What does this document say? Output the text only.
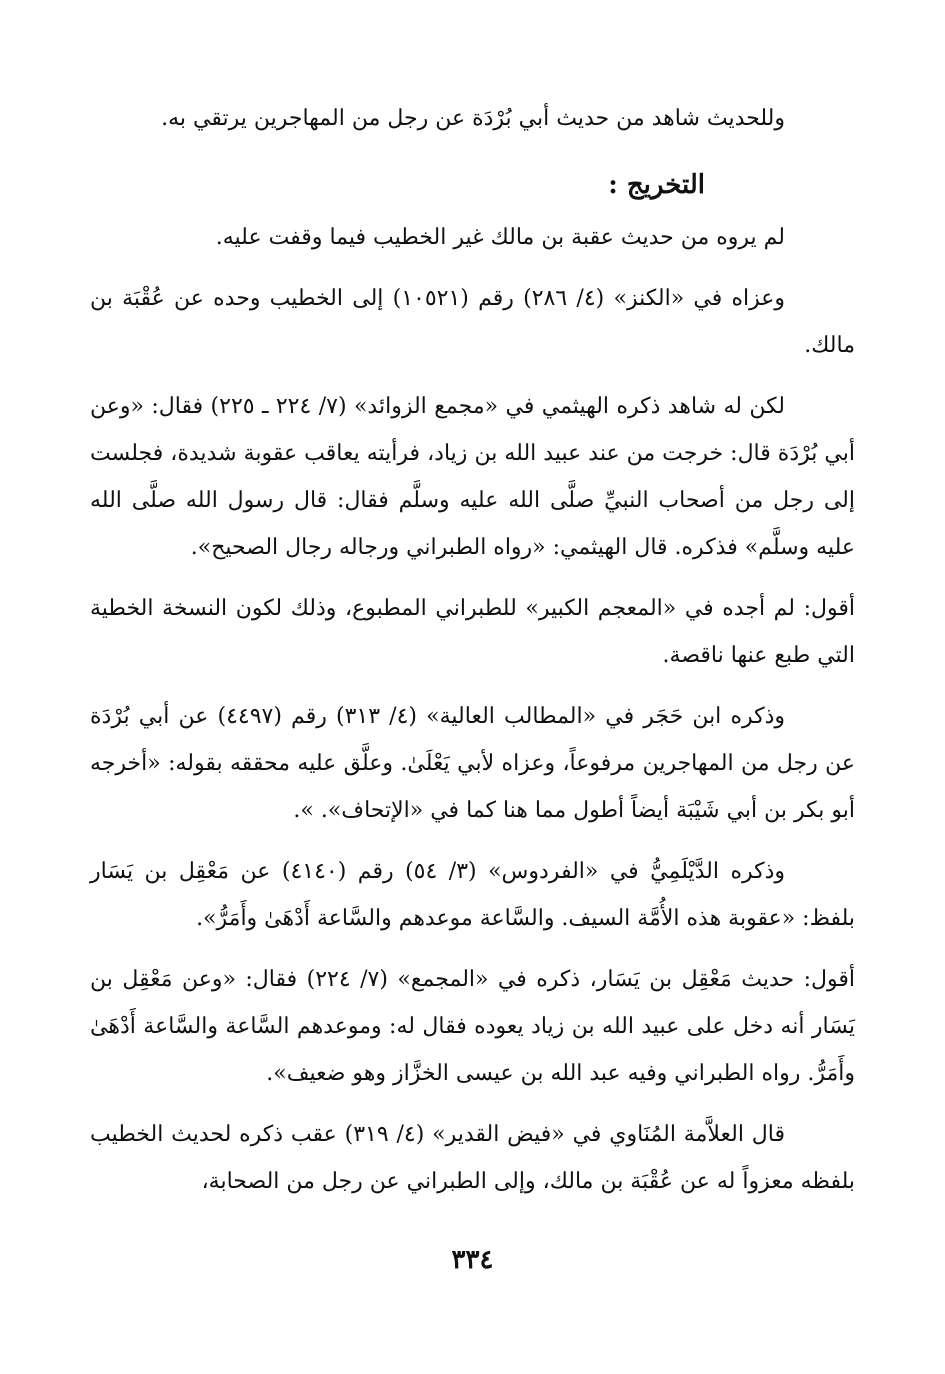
وللحديث شاهد من حديث أبي بُرْدَة عن رجل من المهاجرين يرتقي به.

التخريج :

لم يروه من حديث عقبة بن مالك غير الخطيب فيما وقفت عليه.

وعزاه في «الكنز» (٤/ ٢٨٦) رقم (١٠٥٢١) إلى الخطيب وحده عن عُقْبَة بن مالك.

لكن له شاهد ذكره الهيثمي في «مجمع الزوائد» (٧/ ٢٢٤ ـ ٢٢٥) فقال: «وعن أبي بُرْدَة قال: خرجت من عند عبيد الله بن زياد، فرأيته يعاقب عقوبة شديدة، فجلست إلى رجل من أصحاب النبيِّ صلَّى الله عليه وسلَّم فقال: قال رسول الله صلَّى الله عليه وسلَّم» فذكره. قال الهيثمي: «رواه الطبراني ورجاله رجال الصحيح».

أقول: لم أجده في «المعجم الكبير» للطبراني المطبوع، وذلك لكون النسخة الخطية التي طبع عنها ناقصة.

وذكره ابن حَجَر في «المطالب العالية» (٤/ ٣١٣) رقم (٤٤٩٧) عن أبي بُرْدَة عن رجل من المهاجرين مرفوعاً، وعزاه لأبي يَعْلَىٰ. وعلَّق عليه محققه بقوله: «أخرجه أبو بكر بن أبي شَيْبَة أيضاً أطول مما هنا كما في «الإتحاف». ».

وذكره الدَّيْلَمِيُّ في «الفردوس» (٣/ ٥٤) رقم (٤١٤٠) عن مَعْقِل بن يَسَار بلفظ: «عقوبة هذه الأُمَّة السيف. والسَّاعة موعدهم والسَّاعة أَدْهَىٰ وأَمَرُّ».

أقول: حديث مَعْقِل بن يَسَار، ذكره في «المجمع» (٧/ ٢٢٤) فقال: «وعن مَعْقِل بن يَسَار أنه دخل على عبيد الله بن زياد يعوده فقال له: وموعدهم السَّاعة والسَّاعة أَدْهَىٰ وأَمَرُّ. رواه الطبراني وفيه عبد الله بن عيسى الخزَّاز وهو ضعيف».

قال العلاَّمة المُنَاوي في «فيض القدير» (٤/ ٣١٩) عقب ذكره لحديث الخطيب بلفظه معزواً له عن عُقْبَة بن مالك، وإلى الطبراني عن رجل من الصحابة،

٣٣٤
